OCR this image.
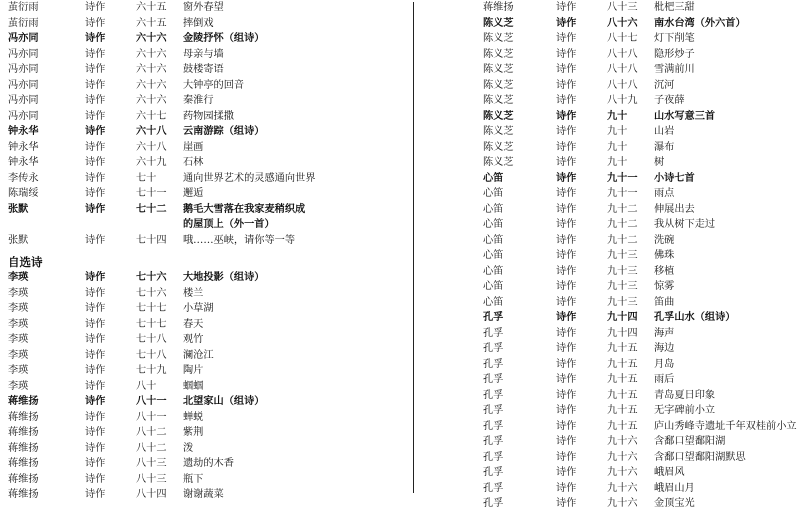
茧衍雨	诗作	六十五 窗外春望
茧衍雨	诗作	六十五 摔倒戏
冯亦同	诗作	六十六 金陵抒怀（组诗）
冯亦同	诗作	六十六 母亲与墙
冯亦同	诗作	六十六 鼓楼寄语
冯亦同	诗作	六十六 大钟亭的回音
冯亦同	诗作	六十六 秦淮行
冯亦同	诗作	六十七 药物园揉撒
钟永华	诗作	六十八 云南游踪（组诗）
钟永华	诗作	六十八 崖画
钟永华	诗作	六十九 石林
李传永	诗作	七十	通向世界艺术的灵感通向世界
陈瑞绥	诗作	七十一 邂逅
张默	诗作	七十二 鹅毛大雪落在我家麦稍织成
的屋顶上（外一首）
张默	诗作	七十四 哦……巫峡，请你等一等
自选诗
李瑛	诗作	七十六 大地投影（组诗）
李瑛	诗作	七十六 楼兰
李瑛	诗作	七十七 小草湖
李瑛	诗作	七十七 春天
李瑛	诗作	七十八 观竹
李瑛	诗作	七十八 澜沧江
李瑛	诗作	七十九 陶片
李瑛	诗作	八十	蝈蝈
蒋维扬	诗作	八十一 北望家山（组诗）
蒋维扬	诗作	八十一 蝉蜕
蒋维扬	诗作	八十二 紫荆
蒋维扬	诗作	八十二 泼
蒋维扬	诗作	八十三 遗劫的木香
蒋维扬	诗作	八十三 瓶下
蒋维扬	诗作	八十四 谢谢蔬菜
蒋维扬	诗作	八十三 枇杷三甜
陈义芝	诗作	八十六 南水台湾（外六首）
陈义芝	诗作	八十七 灯下削笔
陈义芝	诗作	八十八 隐形炒子
陈义芝	诗作	八十八 雪满前川
陈义芝	诗作	八十八 沉河
陈义芝	诗作	八十九 子夜薛
陈义芝	诗作	九十	山水写意三首
陈义芝	诗作	九十	山岩
陈义芝	诗作	九十	瀑布
陈义芝	诗作	九十	树
心笛	诗作	九十一 小诗七首
心笛	诗作	九十一 雨点
心笛	诗作	九十二 伸展出去
心笛	诗作	九十二 我从树下走过
心笛	诗作	九十二 洗碗
心笛	诗作	九十三 佛珠
心笛	诗作	九十三 移植
心笛	诗作	九十三 惊雾
心笛	诗作	九十三 笛曲
孔孚	诗作	九十四 孔孚山水（组诗）
孔孚	诗作	九十四 海声
孔孚	诗作	九十五 海边
孔孚	诗作	九十五 月岛
孔孚	诗作	九十五 雨后
孔孚	诗作	九十五 青岛夏日印象
孔孚	诗作	九十五 无字碑前小立
孔孚	诗作	九十五 庐山秀峰寺遗址千年双桂前小立
孔孚	诗作	九十六 含鄱口望鄱阳湖
孔孚	诗作	九十六 含鄱口望鄱阳湖默思
孔孚	诗作	九十六 峨眉风
孔孚	诗作	九十六 峨眉山月
孔孚	诗作	九十六 金顶宝光
